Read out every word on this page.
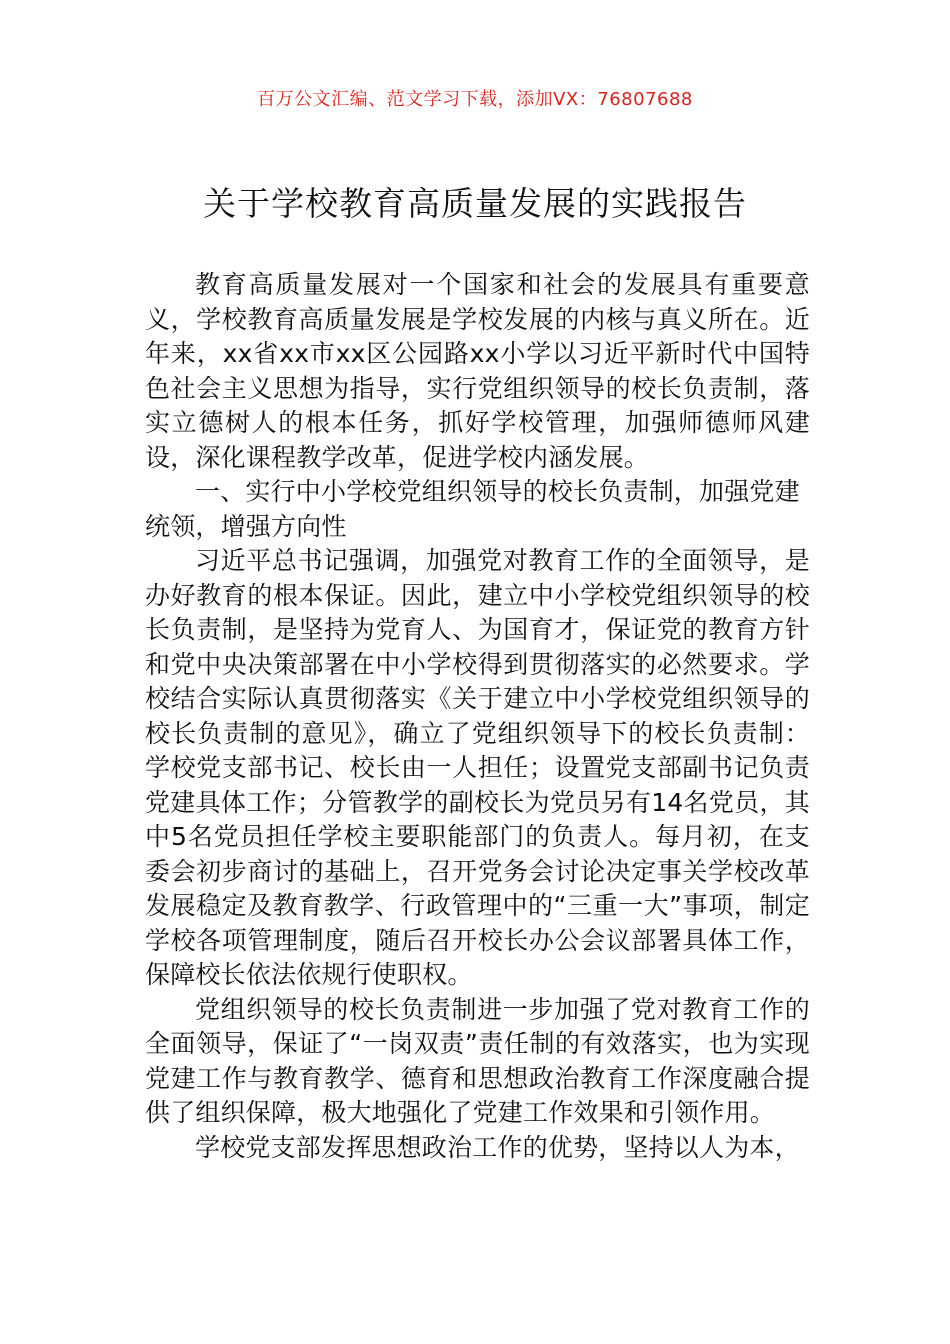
百万公文汇编、范文学习下载，添加VX：76807688
关于学校教育高质量发展的实践报告

教育高质量发展对一个国家和社会的发展具有重要意义，学校教育高质量发展是学校发展的内核与真义所在。近年来，xx省xx市xx区公园路xx小学以习近平新时代中国特色社会主义思想为指导，实行党组织领导的校长负责制，落实立德树人的根本任务，抓好学校管理，加强师德师风建设，深化课程教学改革，促进学校内涵发展。

一、实行中小学校党组织领导的校长负责制，加强党建统领，增强方向性

习近平总书记强调，加强党对教育工作的全面领导，是办好教育的根本保证。因此，建立中小学校党组织领导的校长负责制，是坚持为党育人、为国育才，保证党的教育方针和党中央决策部署在中小学校得到贯彻落实的必然要求。学校结合实际认真贯彻落实《关于建立中小学校党组织领导的校长负责制的意见》，确立了党组织领导下的校长负责制：学校党支部书记、校长由一人担任；设置党支部副书记负责党建具体工作；分管教学的副校长为党员另有14名党员，其中5名党员担任学校主要职能部门的负责人。每月初，在支委会初步商讨的基础上，召开党务会讨论决定事关学校改革发展稳定及教育教学、行政管理中的“三重一大”事项，制定学校各项管理制度，随后召开校长办公会议部署具体工作，保障校长依法依规行使职权。

党组织领导的校长负责制进一步加强了党对教育工作的全面领导，保证了“一岗双责”责任制的有效落实，也为实现党建工作与教育教学、德育和思想政治教育工作深度融合提供了组织保障，极大地强化了党建工作效果和引领作用。

学校党支部发挥思想政治工作的优势，坚持以人为本，
